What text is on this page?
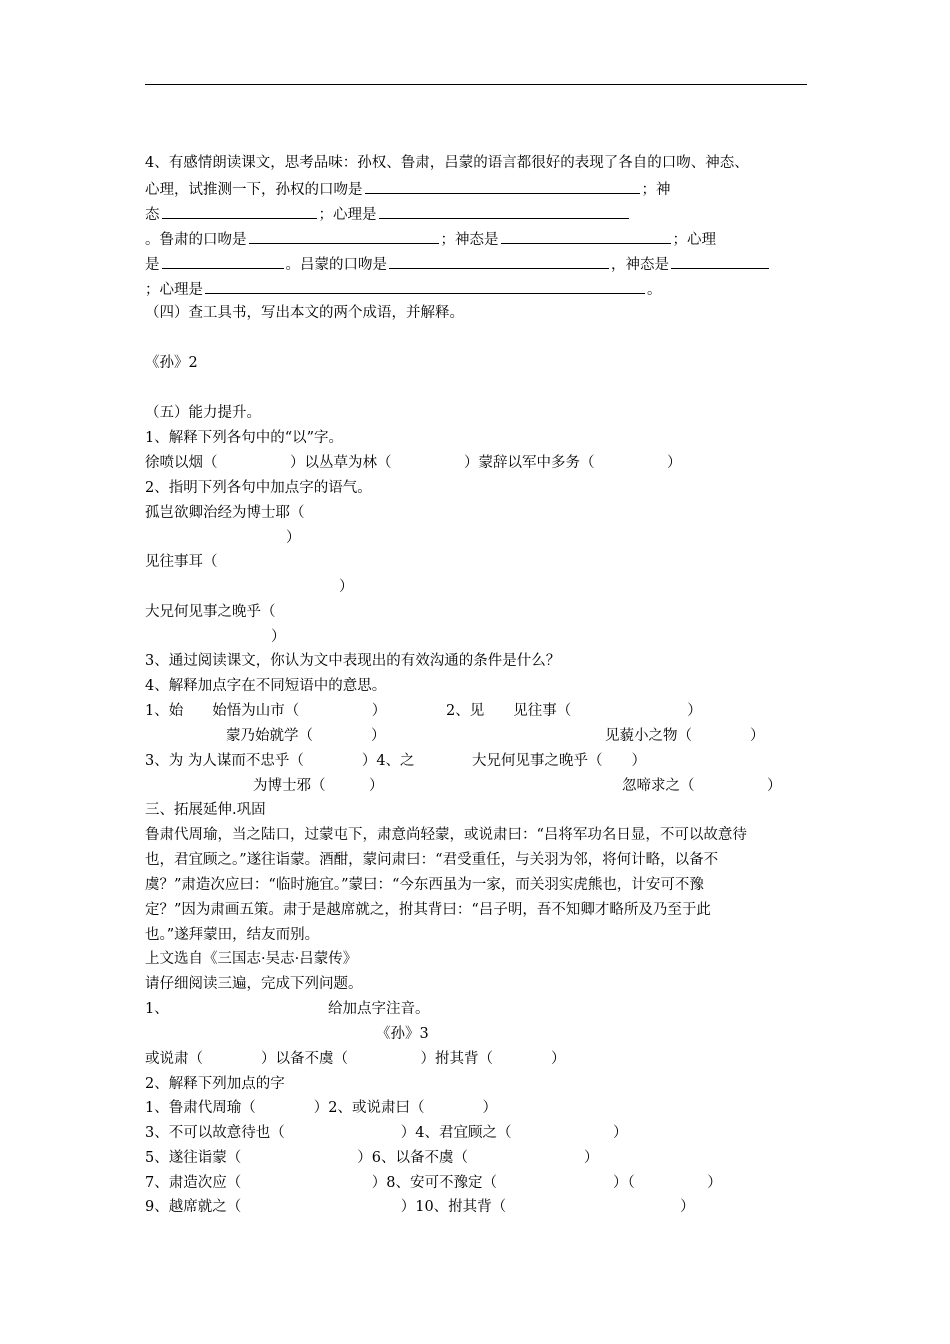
4、有感情朗读课文，思考品味：孙权、鲁肃，吕蒙的语言都很好的表现了各自的口吻、神态、
心理，试推测一下，孙权的口吻是	；神
态	；心理是
。鲁肃的口吻是	；神态是	；心理
是	。吕蒙的口吻是	，神态是
；心理是	。
（四）查工具书，写出本文的两个成语，并解释。
《孙》2
（五）能力提升。
1、解释下列各句中的“以”字。
徐喷以烟（　　　　　）以丛草为林（　　　　　）蒙辞以军中多务（　　　　　）
2、指明下列各句中加点字的语气。
孤岂欲卿治经为博士耶（
）
见往事耳（
）
大兄何见事之晚乎（
）
3、通过阅读课文，你认为文中表现出的有效沟通的条件是什么？
4、解释加点字在不同短语中的意思。
1、始　　始悟为山市（　　　　　）	2、见　　见往事（　　　　　　　　）
蒙乃始就学（　　　　）	见藐小之物（　　　　）
3、为 为人谋而不忠乎（　　　　）4、之	大兄何见事之晚乎（　　）
为博士邪（　　　）	忽啼求之（　　　　　）
三、拓展延伸.巩固
鲁肃代周瑜，当之陆口，过蒙屯下，肃意尚轻蒙，或说肃曰：“吕将军功名日显，不可以故意待
也，君宜顾之。”遂往诣蒙。酒酣，蒙问肃曰：“君受重任，与关羽为邻，将何计略，以备不
虞？”肃造次应曰：“临时施宜。”蒙曰：“今东西虽为一家，而关羽实虎熊也，计安可不豫
定？”因为肃画五策。肃于是越席就之，拊其背曰：“吕子明，吾不知卿才略所及乃至于此
也。”遂拜蒙田，结友而别。
上文选自《三国志·吴志·吕蒙传》
请仔细阅读三遍，完成下列问题。
1、	给加点字注音。
《孙》3
或说肃（　　　　）以备不虞（　　　　　）拊其背（　　　　）
2、解释下列加点的字
1、鲁肃代周瑜（　　　　）2、或说肃曰（　　　　）
3、不可以故意待也（　　　　　　　　）4、君宜顾之（　　　　　　　）
5、遂往诣蒙（　　　　　　　　）6、以备不虞（　　　　　　　　）
7、肃造次应（　　　　　　　　　）8、安可不豫定（　　　　　　　　）（　　　　　）
9、越席就之（　　　　　　　　　　　）10、拊其背（　　　　　　　　　　　　）
